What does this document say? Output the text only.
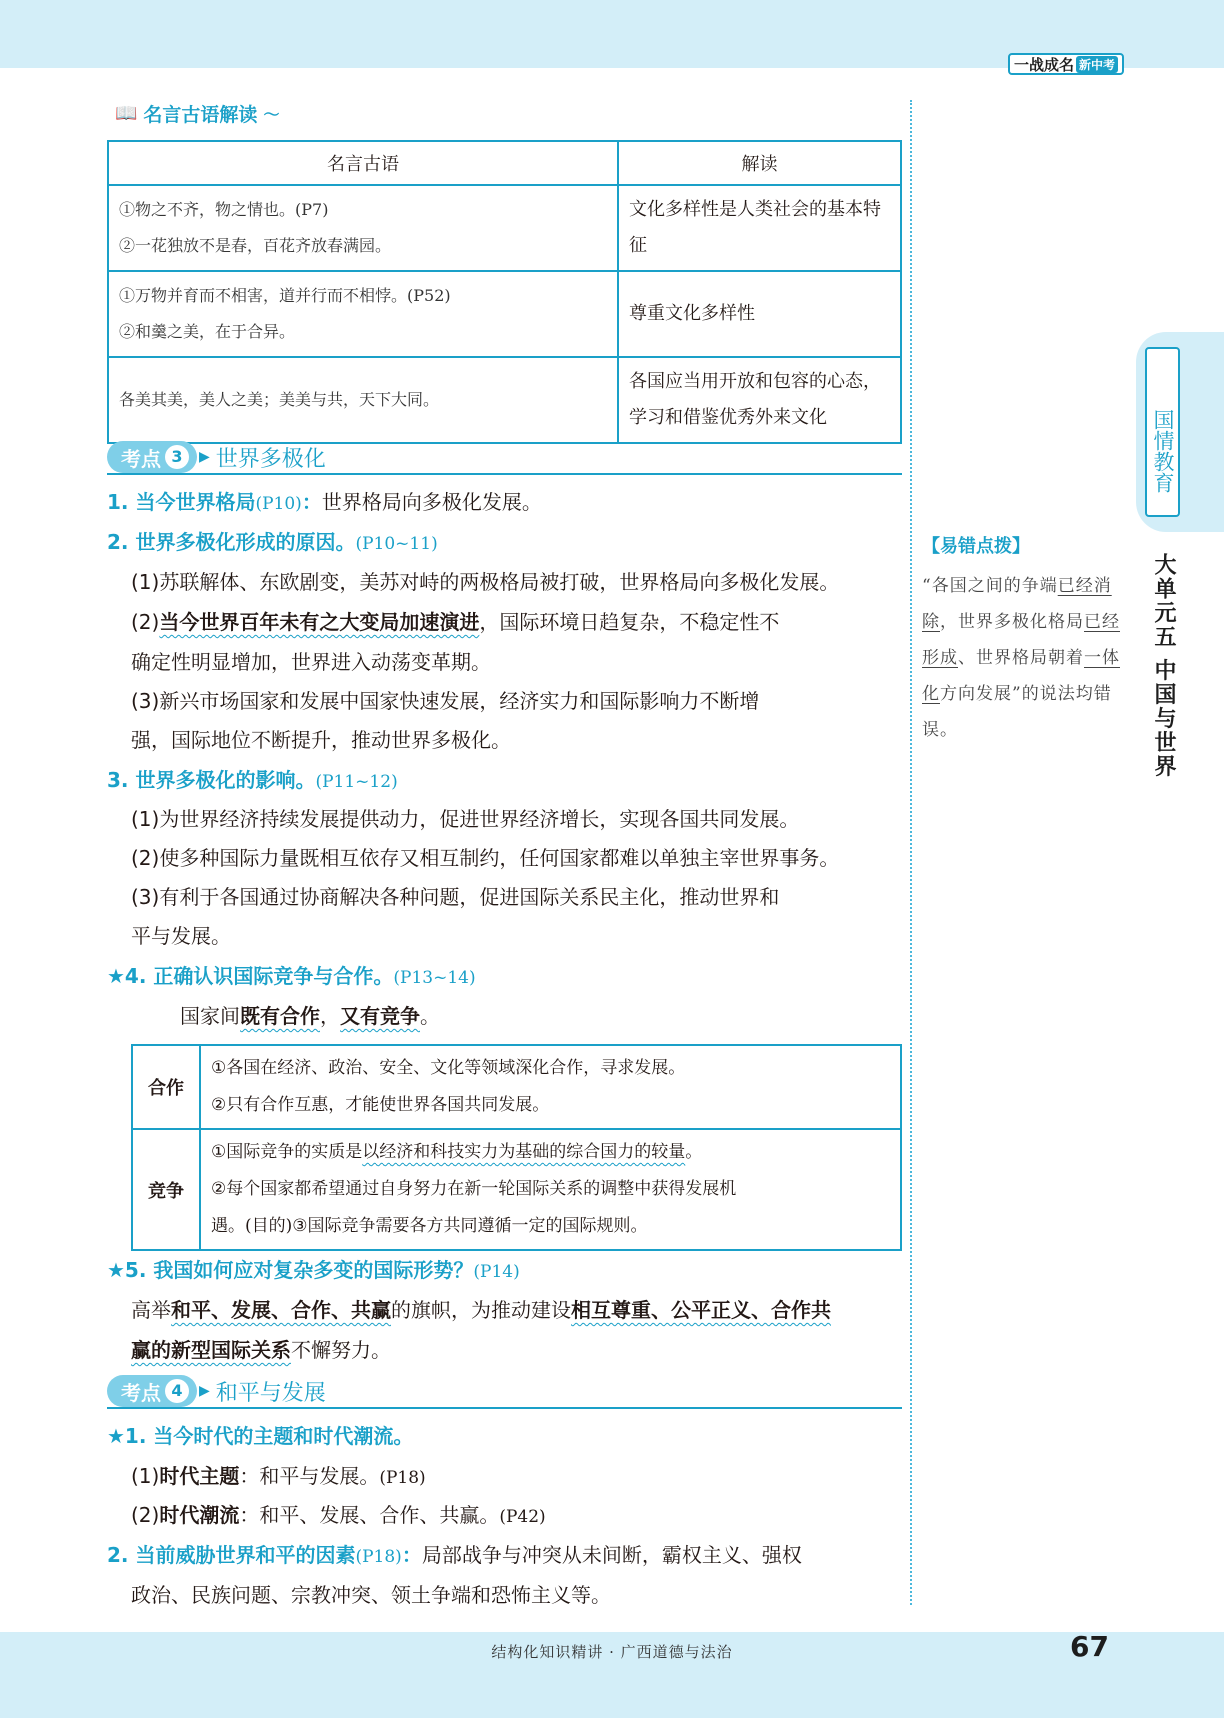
一战成名 新中考
📖 名言古语解读 〜
名言古语	解读

①物之不齐，物之情也。(P7)
②一花独放不是春，百花齐放春满园。	文化多样性是人类社会的基本特征

①万物并育而不相害，道并行而不相悖。(P52)
②和羹之美，在于合异。	尊重文化多样性
各美其美，美人之美；美美与共，天下大同。	各国应当用开放和包容的心态，学习和借鉴优秀外来文化
考点 3	▶ 世界多极化
1. 当今世界格局(P10)：世界格局向多极化发展。
2. 世界多极化形成的原因。(P10~11)
(1)苏联解体、东欧剧变，美苏对峙的两极格局被打破，世界格局向多极化发展。
(2)当今世界百年未有之大变局加速演进，国际环境日趋复杂，不稳定性不
确定性明显增加，世界进入动荡变革期。
(3)新兴市场国家和发展中国家快速发展，经济实力和国际影响力不断增
强，国际地位不断提升，推动世界多极化。
3. 世界多极化的影响。(P11~12)
(1)为世界经济持续发展提供动力，促进世界经济增长，实现各国共同发展。
(2)使多种国际力量既相互依存又相互制约，任何国家都难以单独主宰世界事务。
(3)有利于各国通过协商解决各种问题，促进国际关系民主化，推动世界和
平与发展。
★4. 正确认识国际竞争与合作。(P13~14)
国家间既有合作，又有竞争。
合作	①各国在经济、政治、安全、文化等领域深化合作，寻求发展。
②只有合作互惠，才能使世界各国共同发展。

竞争	①国际竞争的实质是以经济和科技实力为基础的综合国力的较量。
②每个国家都希望通过自身努力在新一轮国际关系的调整中获得发展机
遇。(目的)③国际竞争需要各方共同遵循一定的国际规则。
★5. 我国如何应对复杂多变的国际形势？(P14)
高举和平、发展、合作、共赢的旗帜，为推动建设相互尊重、公平正义、合作共
赢的新型国际关系不懈努力。
考点 4	▶ 和平与发展
★1. 当今时代的主题和时代潮流。
(1)时代主题：和平与发展。(P18)
(2)时代潮流：和平、发展、合作、共赢。(P42)
2. 当前威胁世界和平的因素(P18)：局部战争与冲突从未间断，霸权主义、强权
政治、民族问题、宗教冲突、领土争端和恐怖主义等。
国情教育
大单元五 中国与世界
【易错点拨】
“各国之间的争端已经消除，世界多极化格局已经形成、世界格局朝着一体化方向发展”的说法均错误。
结构化知识精讲 · 广西道德与法治	67
